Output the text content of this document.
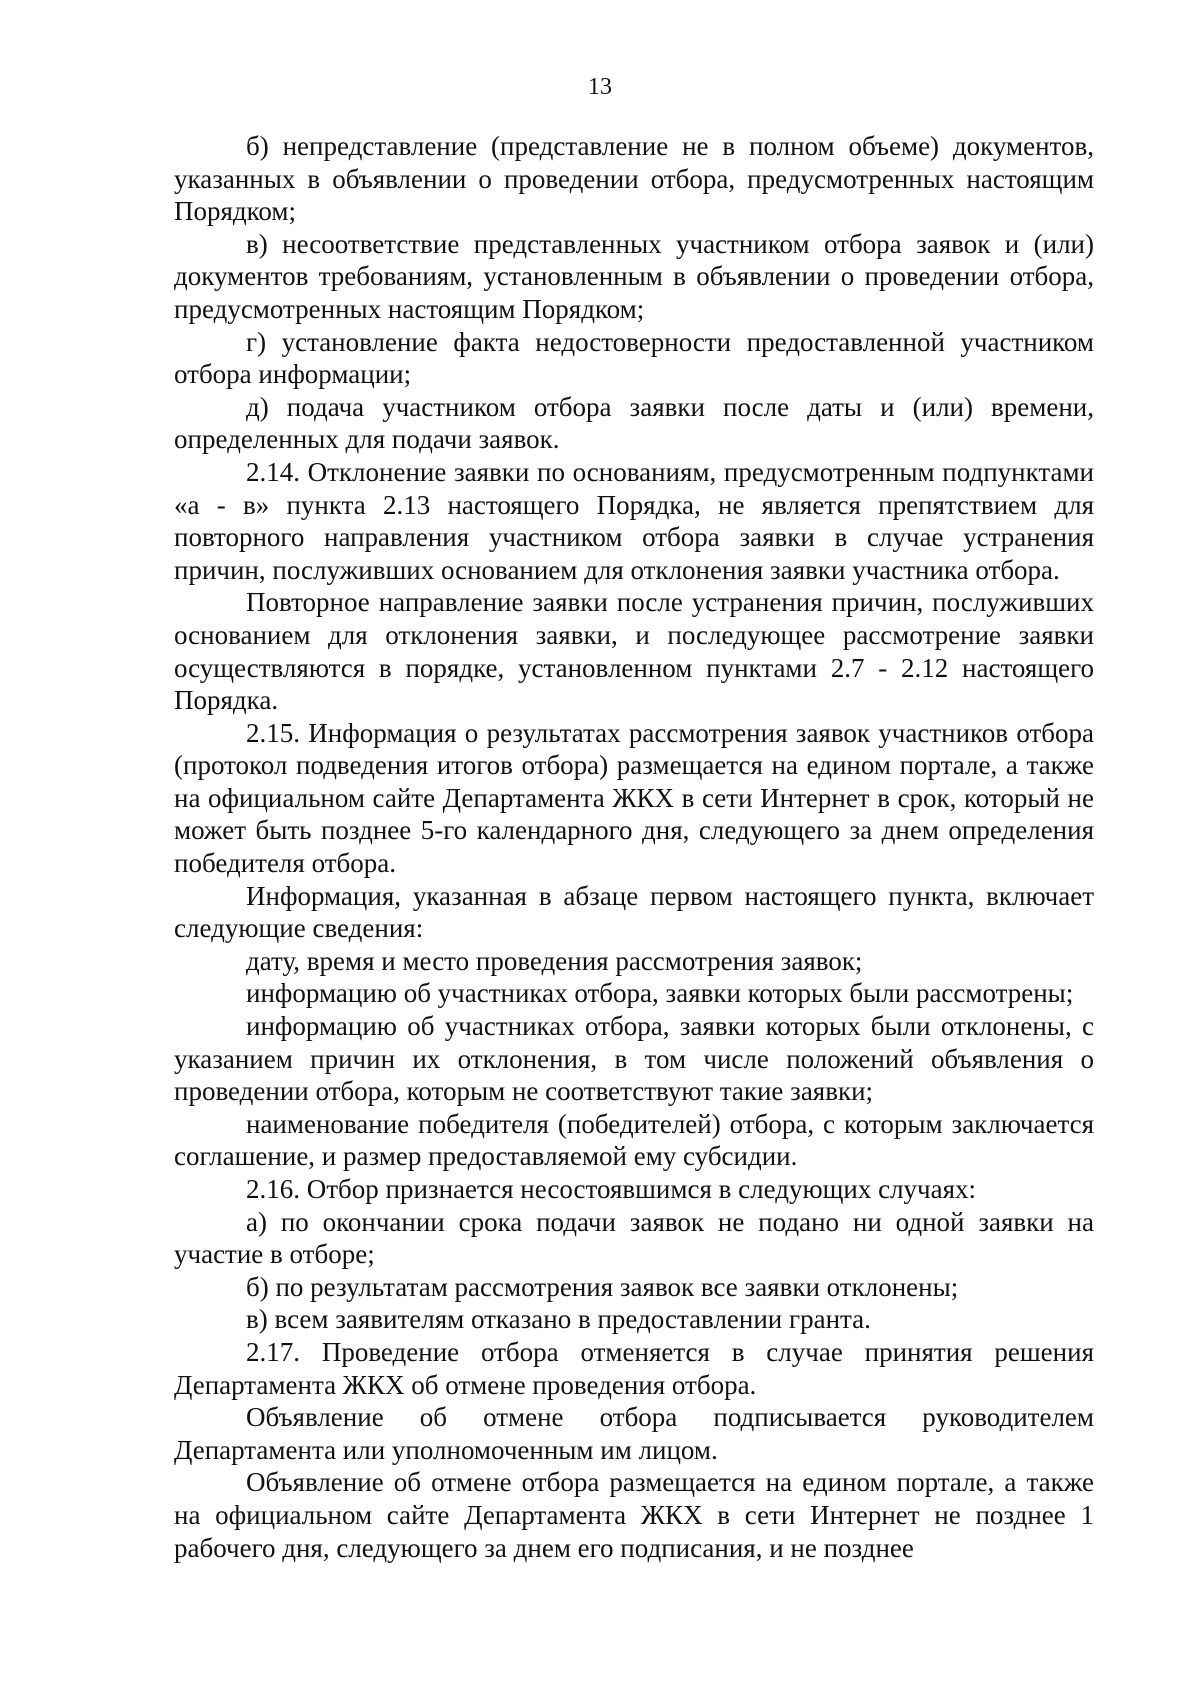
13

б) непредставление (представление не в полном объеме) документов, указанных в объявлении о проведении отбора, предусмотренных настоящим Порядком;

в) несоответствие представленных участником отбора заявок и (или) документов требованиям, установленным в объявлении о проведении отбора, предусмотренных настоящим Порядком;

г) установление факта недостоверности предоставленной участником отбора информации;

д) подача участником отбора заявки после даты и (или) времени, определенных для подачи заявок.

2.14. Отклонение заявки по основаниям, предусмотренным подпунктами «а - в» пункта 2.13 настоящего Порядка, не является препятствием для повторного направления участником отбора заявки в случае устранения причин, послуживших основанием для отклонения заявки участника отбора.

Повторное направление заявки после устранения причин, послуживших основанием для отклонения заявки, и последующее рассмотрение заявки осуществляются в порядке, установленном пунктами 2.7 - 2.12 настоящего Порядка.

2.15. Информация о результатах рассмотрения заявок участников отбора (протокол подведения итогов отбора) размещается на едином портале, а также на официальном сайте Департамента ЖКХ в сети Интернет в срок, который не может быть позднее 5-го календарного дня, следующего за днем определения победителя отбора.

Информация, указанная в абзаце первом настоящего пункта, включает следующие сведения:

дату, время и место проведения рассмотрения заявок;

информацию об участниках отбора, заявки которых были рассмотрены;

информацию об участниках отбора, заявки которых были отклонены, с указанием причин их отклонения, в том числе положений объявления о проведении отбора, которым не соответствуют такие заявки;

наименование победителя (победителей) отбора, с которым заключается соглашение, и размер предоставляемой ему субсидии.

2.16. Отбор признается несостоявшимся в следующих случаях:

а) по окончании срока подачи заявок не подано ни одной заявки на участие в отборе;

б) по результатам рассмотрения заявок все заявки отклонены;

в) всем заявителям отказано в предоставлении гранта.

2.17. Проведение отбора отменяется в случае принятия решения Департамента ЖКХ об отмене проведения отбора.

Объявление об отмене отбора подписывается руководителем Департамента или уполномоченным им лицом.

Объявление об отмене отбора размещается на едином портале, а также на официальном сайте Департамента ЖКХ в сети Интернет не позднее 1 рабочего дня, следующего за днем его подписания, и не позднее
